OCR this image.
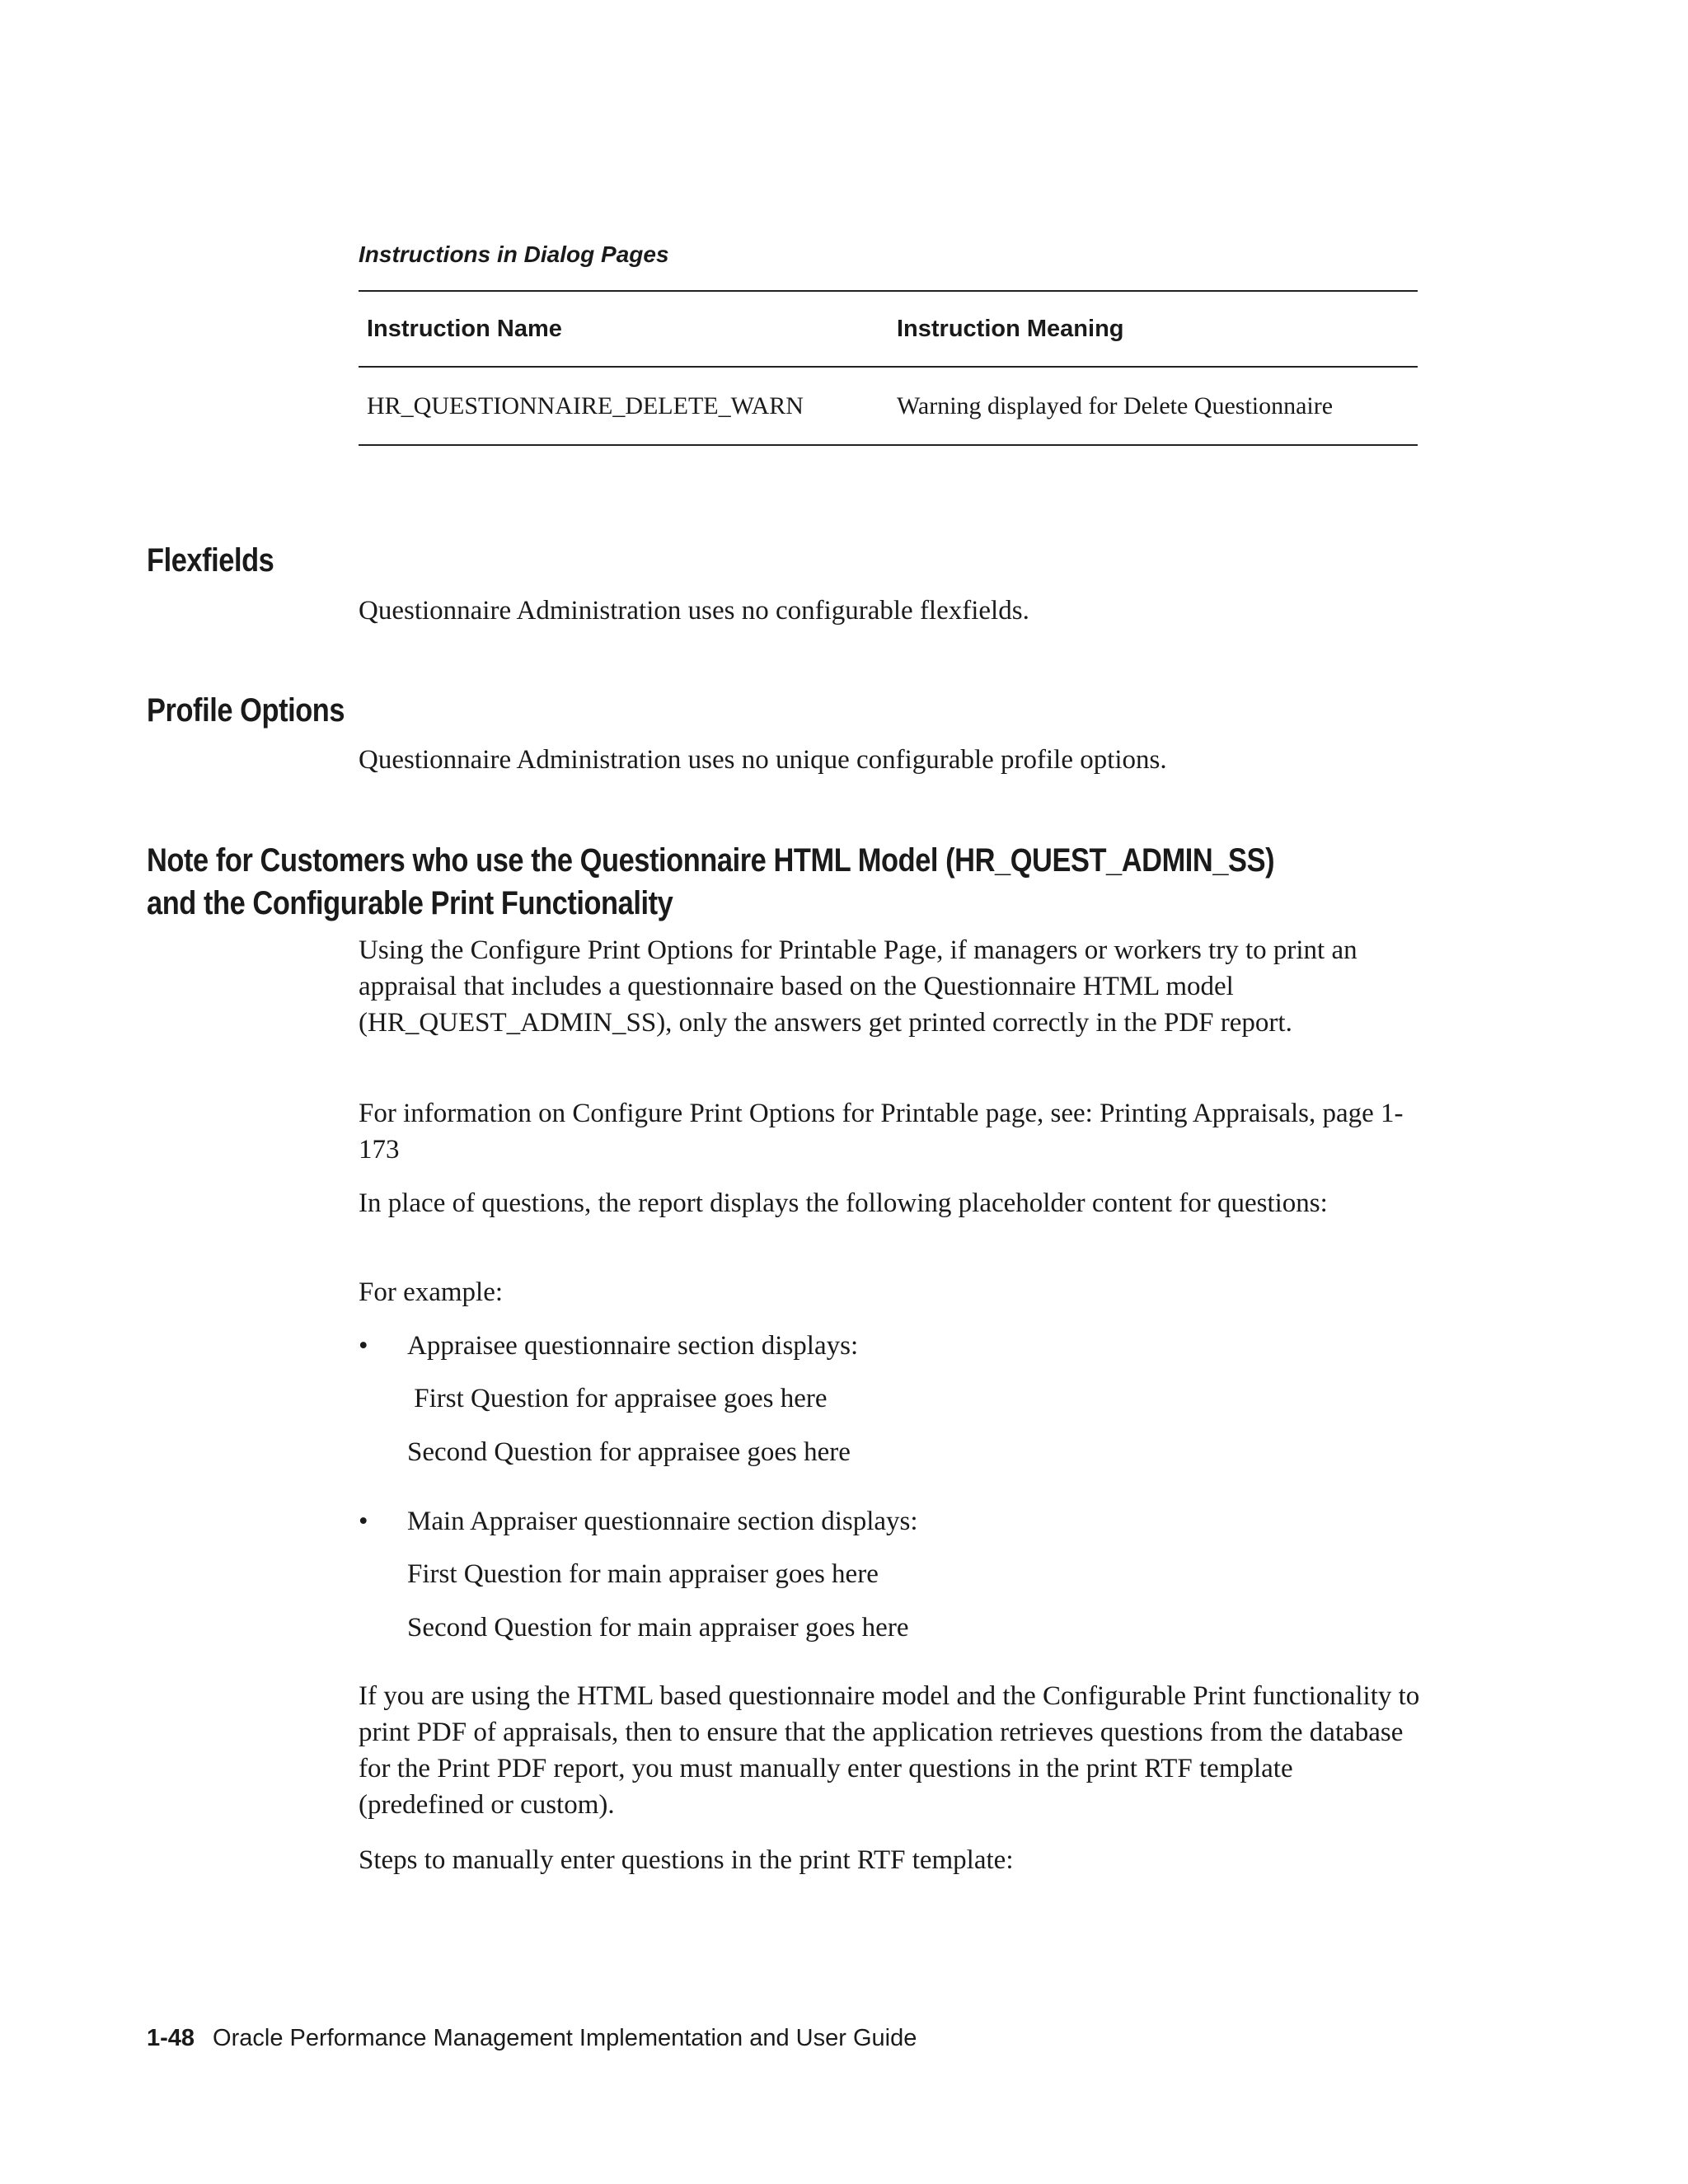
Instructions in Dialog Pages

Instruction Name	Instruction Meaning
HR_QUESTIONNAIRE_DELETE_WARN	Warning displayed for Delete Questionnaire
Flexfields

Questionnaire Administration uses no configurable flexfields.

Profile Options

Questionnaire Administration uses no unique configurable profile options.

Note for Customers who use the Questionnaire HTML Model (HR_QUEST_ADMIN_SS)
and the Configurable Print Functionality

Using the Configure Print Options for Printable Page, if managers or workers try to print an appraisal that includes a questionnaire based on the Questionnaire HTML model (HR_QUEST_ADMIN_SS), only the answers get printed correctly in the PDF report.

For information on Configure Print Options for Printable page, see: Printing Appraisals, page 1-173

In place of questions, the report displays the following placeholder content for questions:

For example:

• Appraisee questionnaire section displays:

First Question for appraisee goes here

Second Question for appraisee goes here

• Main Appraiser questionnaire section displays:

First Question for main appraiser goes here

Second Question for main appraiser goes here

If you are using the HTML based questionnaire model and the Configurable Print functionality to print PDF of appraisals, then to ensure that the application retrieves questions from the database for the Print PDF report, you must manually enter questions in the print RTF template (predefined or custom).

Steps to manually enter questions in the print RTF template:

1-48 Oracle Performance Management Implementation and User Guide
